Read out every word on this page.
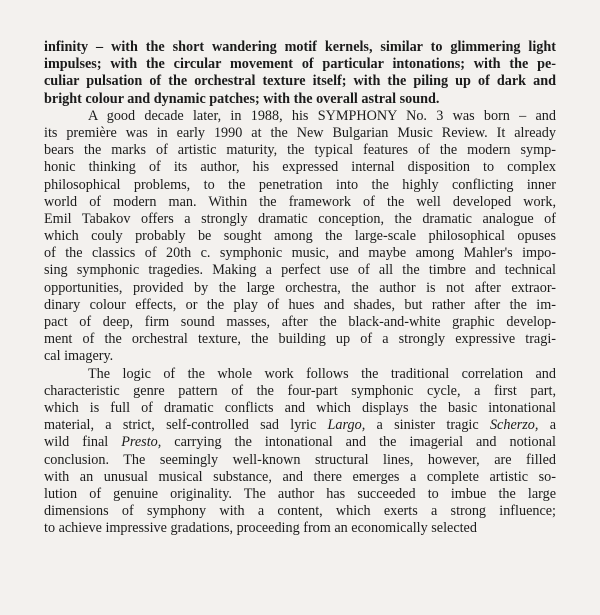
infinity – with the short wandering motif kernels, similar to glimmering light
impulses; with the circular movement of particular intonations; with the pe-
culiar pulsation of the orchestral texture itself; with the piling up of dark and
bright colour and dynamic patches; with the overall astral sound.
A good decade later, in 1988, his SYMPHONY No. 3 was born – and
its première was in early 1990 at the New Bulgarian Music Review. It already
bears the marks of artistic maturity, the typical features of the modern symp-
honic thinking of its author, his expressed internal disposition to complex
philosophical problems, to the penetration into the highly conflicting inner
world of modern man. Within the framework of the well developed work,
Emil Tabakov offers a strongly dramatic conception, the dramatic analogue of
which couly probably be sought among the large-scale philosophical opuses
of the classics of 20th c. symphonic music, and maybe among Mahler's impo-
sing symphonic tragedies. Making a perfect use of all the timbre and technical
opportunities, provided by the large orchestra, the author is not after extraor-
dinary colour effects, or the play of hues and shades, but rather after the im-
pact of deep, firm sound masses, after the black-and-white graphic develop-
ment of the orchestral texture, the building up of a strongly expressive tragi-
cal imagery.
The logic of the whole work follows the traditional correlation and
characteristic genre pattern of the four-part symphonic cycle, a first part,
which is full of dramatic conflicts and which displays the basic intonational
material, a strict, self-controlled sad lyric Largo, a sinister tragic Scherzo, a
wild final Presto, carrying the intonational and the imagerial and notional
conclusion. The seemingly well-known structural lines, however, are filled
with an unusual musical substance, and there emerges a complete artistic so-
lution of genuine originality. The author has succeeded to imbue the large
dimensions of symphony with a content, which exerts a strong influence;
to achieve impressive gradations, proceeding from an economically selected
